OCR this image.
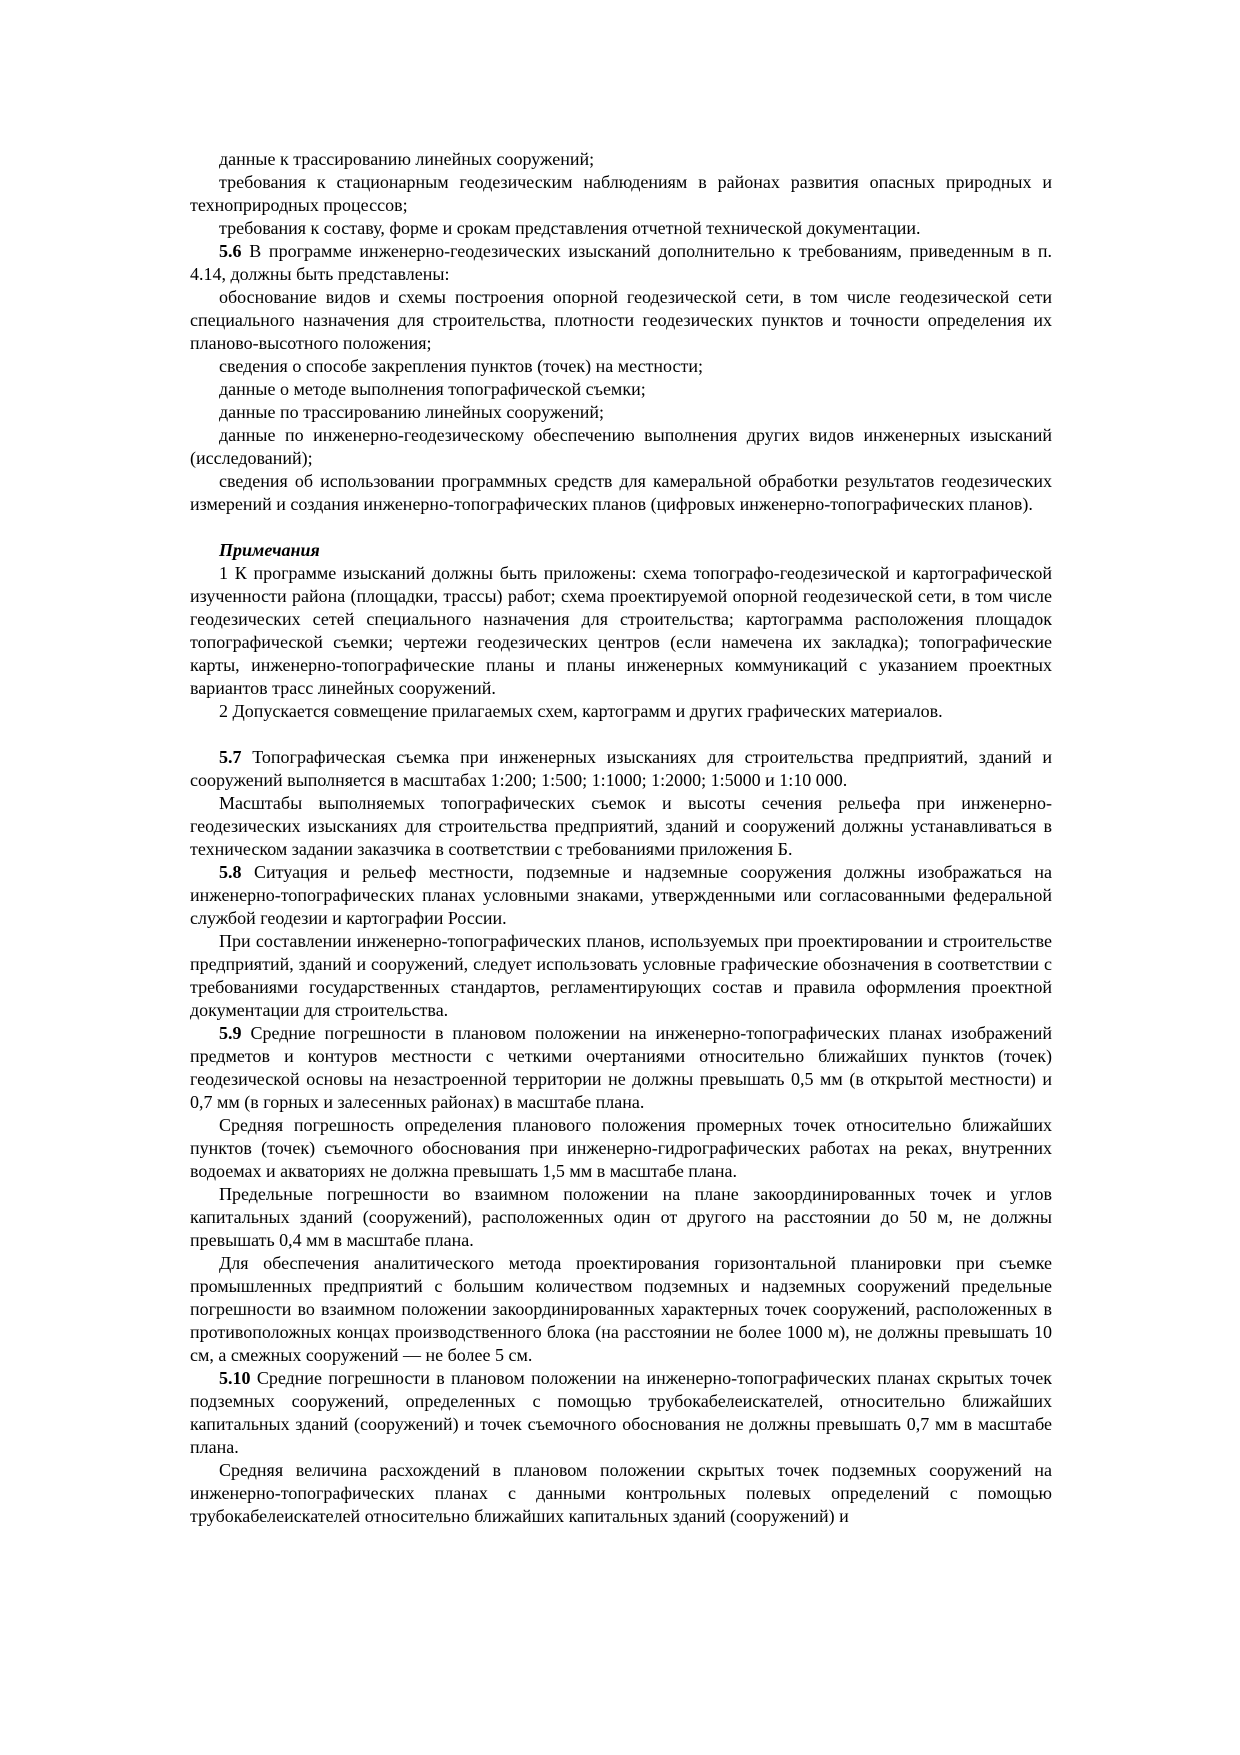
данные к трассированию линейных сооружений;

требования к стационарным геодезическим наблюдениям в районах развития опасных природных и техноприродных процессов;

требования к составу, форме и срокам представления отчетной технической документации.

5.6 В программе инженерно-геодезических изысканий дополнительно к требованиям, приведенным в п. 4.14, должны быть представлены:

обоснование видов и схемы построения опорной геодезической сети, в том числе геодезической сети специального назначения для строительства, плотности геодезических пунктов и точности определения их планово-высотного положения;

сведения о способе закрепления пунктов (точек) на местности;

данные о методе выполнения топографической съемки;

данные по трассированию линейных сооружений;

данные по инженерно-геодезическому обеспечению выполнения других видов инженерных изысканий (исследований);

сведения об использовании программных средств для камеральной обработки результатов геодезических измерений и создания инженерно-топографических планов (цифровых инженерно-топографических планов).

Примечания

1 К программе изысканий должны быть приложены: схема топографо-геодезической и картографической изученности района (площадки, трассы) работ; схема проектируемой опорной геодезической сети, в том числе геодезических сетей специального назначения для строительства; картограмма расположения площадок топографической съемки; чертежи геодезических центров (если намечена их закладка); топографические карты, инженерно-топографические планы и планы инженерных коммуникаций с указанием проектных вариантов трасс линейных сооружений.

2 Допускается совмещение прилагаемых схем, картограмм и других графических материалов.

5.7 Топографическая съемка при инженерных изысканиях для строительства предприятий, зданий и сооружений выполняется в масштабах 1:200; 1:500; 1:1000; 1:2000; 1:5000 и 1:10 000.

Масштабы выполняемых топографических съемок и высоты сечения рельефа при инженерно-геодезических изысканиях для строительства предприятий, зданий и сооружений должны устанавливаться в техническом задании заказчика в соответствии с требованиями приложения Б.

5.8 Ситуация и рельеф местности, подземные и надземные сооружения должны изображаться на инженерно-топографических планах условными знаками, утвержденными или согласованными федеральной службой геодезии и картографии России.

При составлении инженерно-топографических планов, используемых при проектировании и строительстве предприятий, зданий и сооружений, следует использовать условные графические обозначения в соответствии с требованиями государственных стандартов, регламентирующих состав и правила оформления проектной документации для строительства.

5.9 Средние погрешности в плановом положении на инженерно-топографических планах изображений предметов и контуров местности с четкими очертаниями относительно ближайших пунктов (точек) геодезической основы на незастроенной территории не должны превышать 0,5 мм (в открытой местности) и 0,7 мм (в горных и залесенных районах) в масштабе плана.

Средняя погрешность определения планового положения промерных точек относительно ближайших пунктов (точек) съемочного обоснования при инженерно-гидрографических работах на реках, внутренних водоемах и акваториях не должна превышать 1,5 мм в масштабе плана.

Предельные погрешности во взаимном положении на плане закоординированных точек и углов капитальных зданий (сооружений), расположенных один от другого на расстоянии до 50 м, не должны превышать 0,4 мм в масштабе плана.

Для обеспечения аналитического метода проектирования горизонтальной планировки при съемке промышленных предприятий с большим количеством подземных и надземных сооружений предельные погрешности во взаимном положении закоординированных характерных точек сооружений, расположенных в противоположных концах производственного блока (на расстоянии не более 1000 м), не должны превышать 10 см, а смежных сооружений — не более 5 см.

5.10 Средние погрешности в плановом положении на инженерно-топографических планах скрытых точек подземных сооружений, определенных с помощью трубокабелеискателей, относительно ближайших капитальных зданий (сооружений) и точек съемочного обоснования не должны превышать 0,7 мм в масштабе плана.

Средняя величина расхождений в плановом положении скрытых точек подземных сооружений на инженерно-топографических планах с данными контрольных полевых определений с помощью трубокабелеискателей относительно ближайших капитальных зданий (сооружений) и
